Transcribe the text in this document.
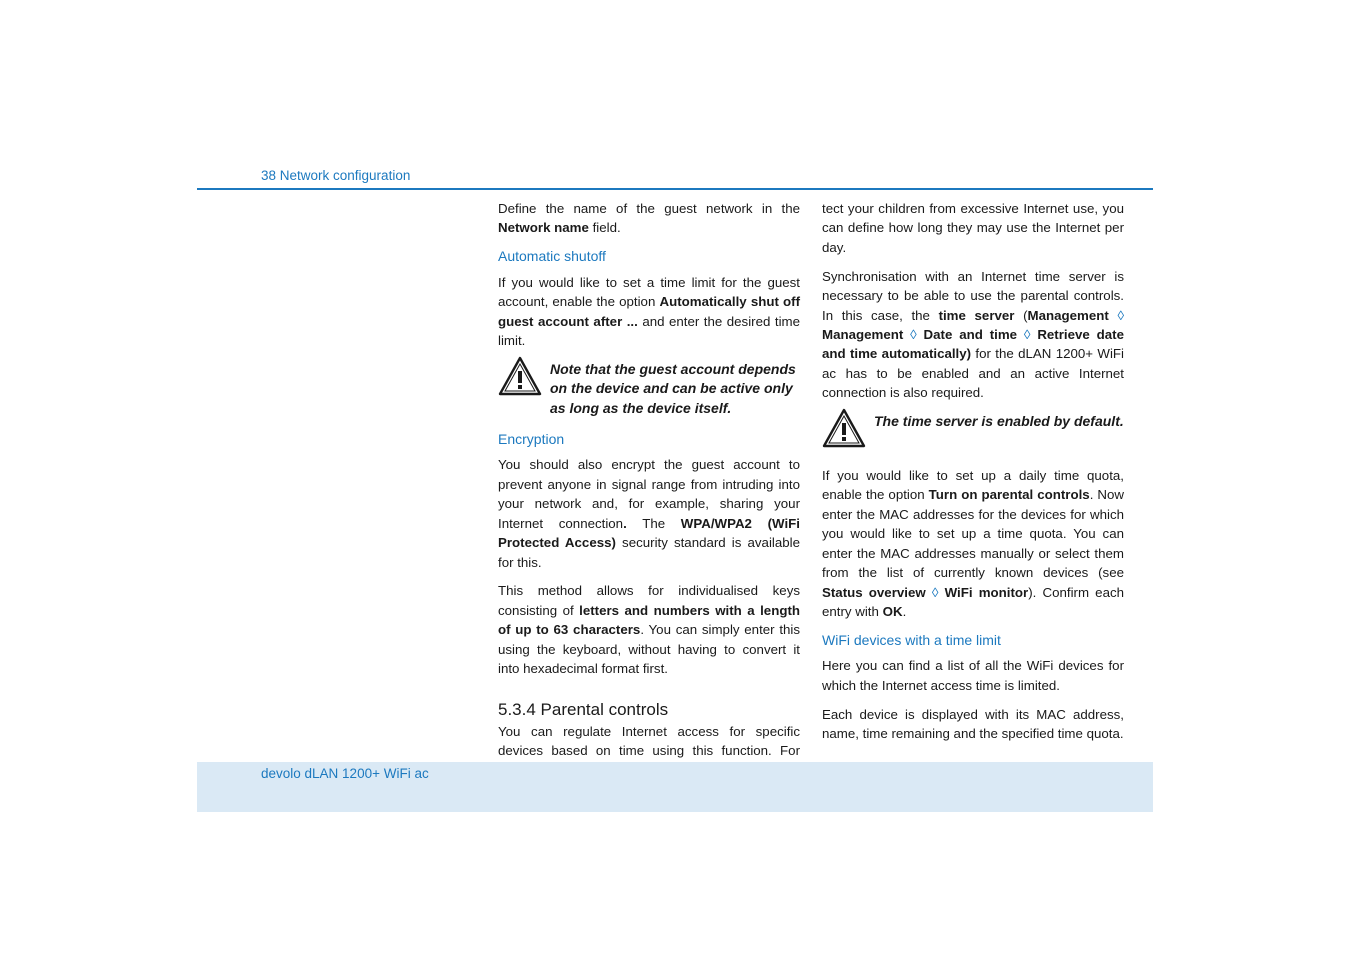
38 Network configuration

Define the name of the guest network in the Network name field.

Automatic shutoff

If you would like to set a time limit for the guest account, enable the option Automatically shut off guest account after ... and enter the desired time limit.

Note that the guest account depends on the device and can be active only as long as the device itself.
Encryption

You should also encrypt the guest account to prevent anyone in signal range from intruding into your network and, for example, sharing your Internet connection. The WPA/WPA2 (WiFi Protected Access) security standard is available for this.

This method allows for individualised keys consisting of letters and numbers with a length of up to 63 characters. You can simply enter this using the keyboard, without having to convert it into hexadecimal format first.

5.3.4 Parental controls

You can regulate Internet access for specific devices based on time using this function. For

tect your children from excessive Internet use, you can define how long they may use the Internet per day.

Synchronisation with an Internet time server is necessary to be able to use the parental controls. In this case, the time server (Management ◊ Management ◊ Date and time ◊ Retrieve date and time automatically) for the dLAN 1200+ WiFi ac has to be enabled and an active Internet connection is also required.

The time server is enabled by default.

If you would like to set up a daily time quota, enable the option Turn on parental controls. Now enter the MAC addresses for the devices for which you would like to set up a time quota. You can enter the MAC addresses manually or select them from the list of currently known devices (see Status overview ◊ WiFi monitor). Confirm each entry with OK.

WiFi devices with a time limit

Here you can find a list of all the WiFi devices for which the Internet access time is limited.

Each device is displayed with its MAC address, name, time remaining and the specified time quota.

devolo dLAN 1200+ WiFi ac
